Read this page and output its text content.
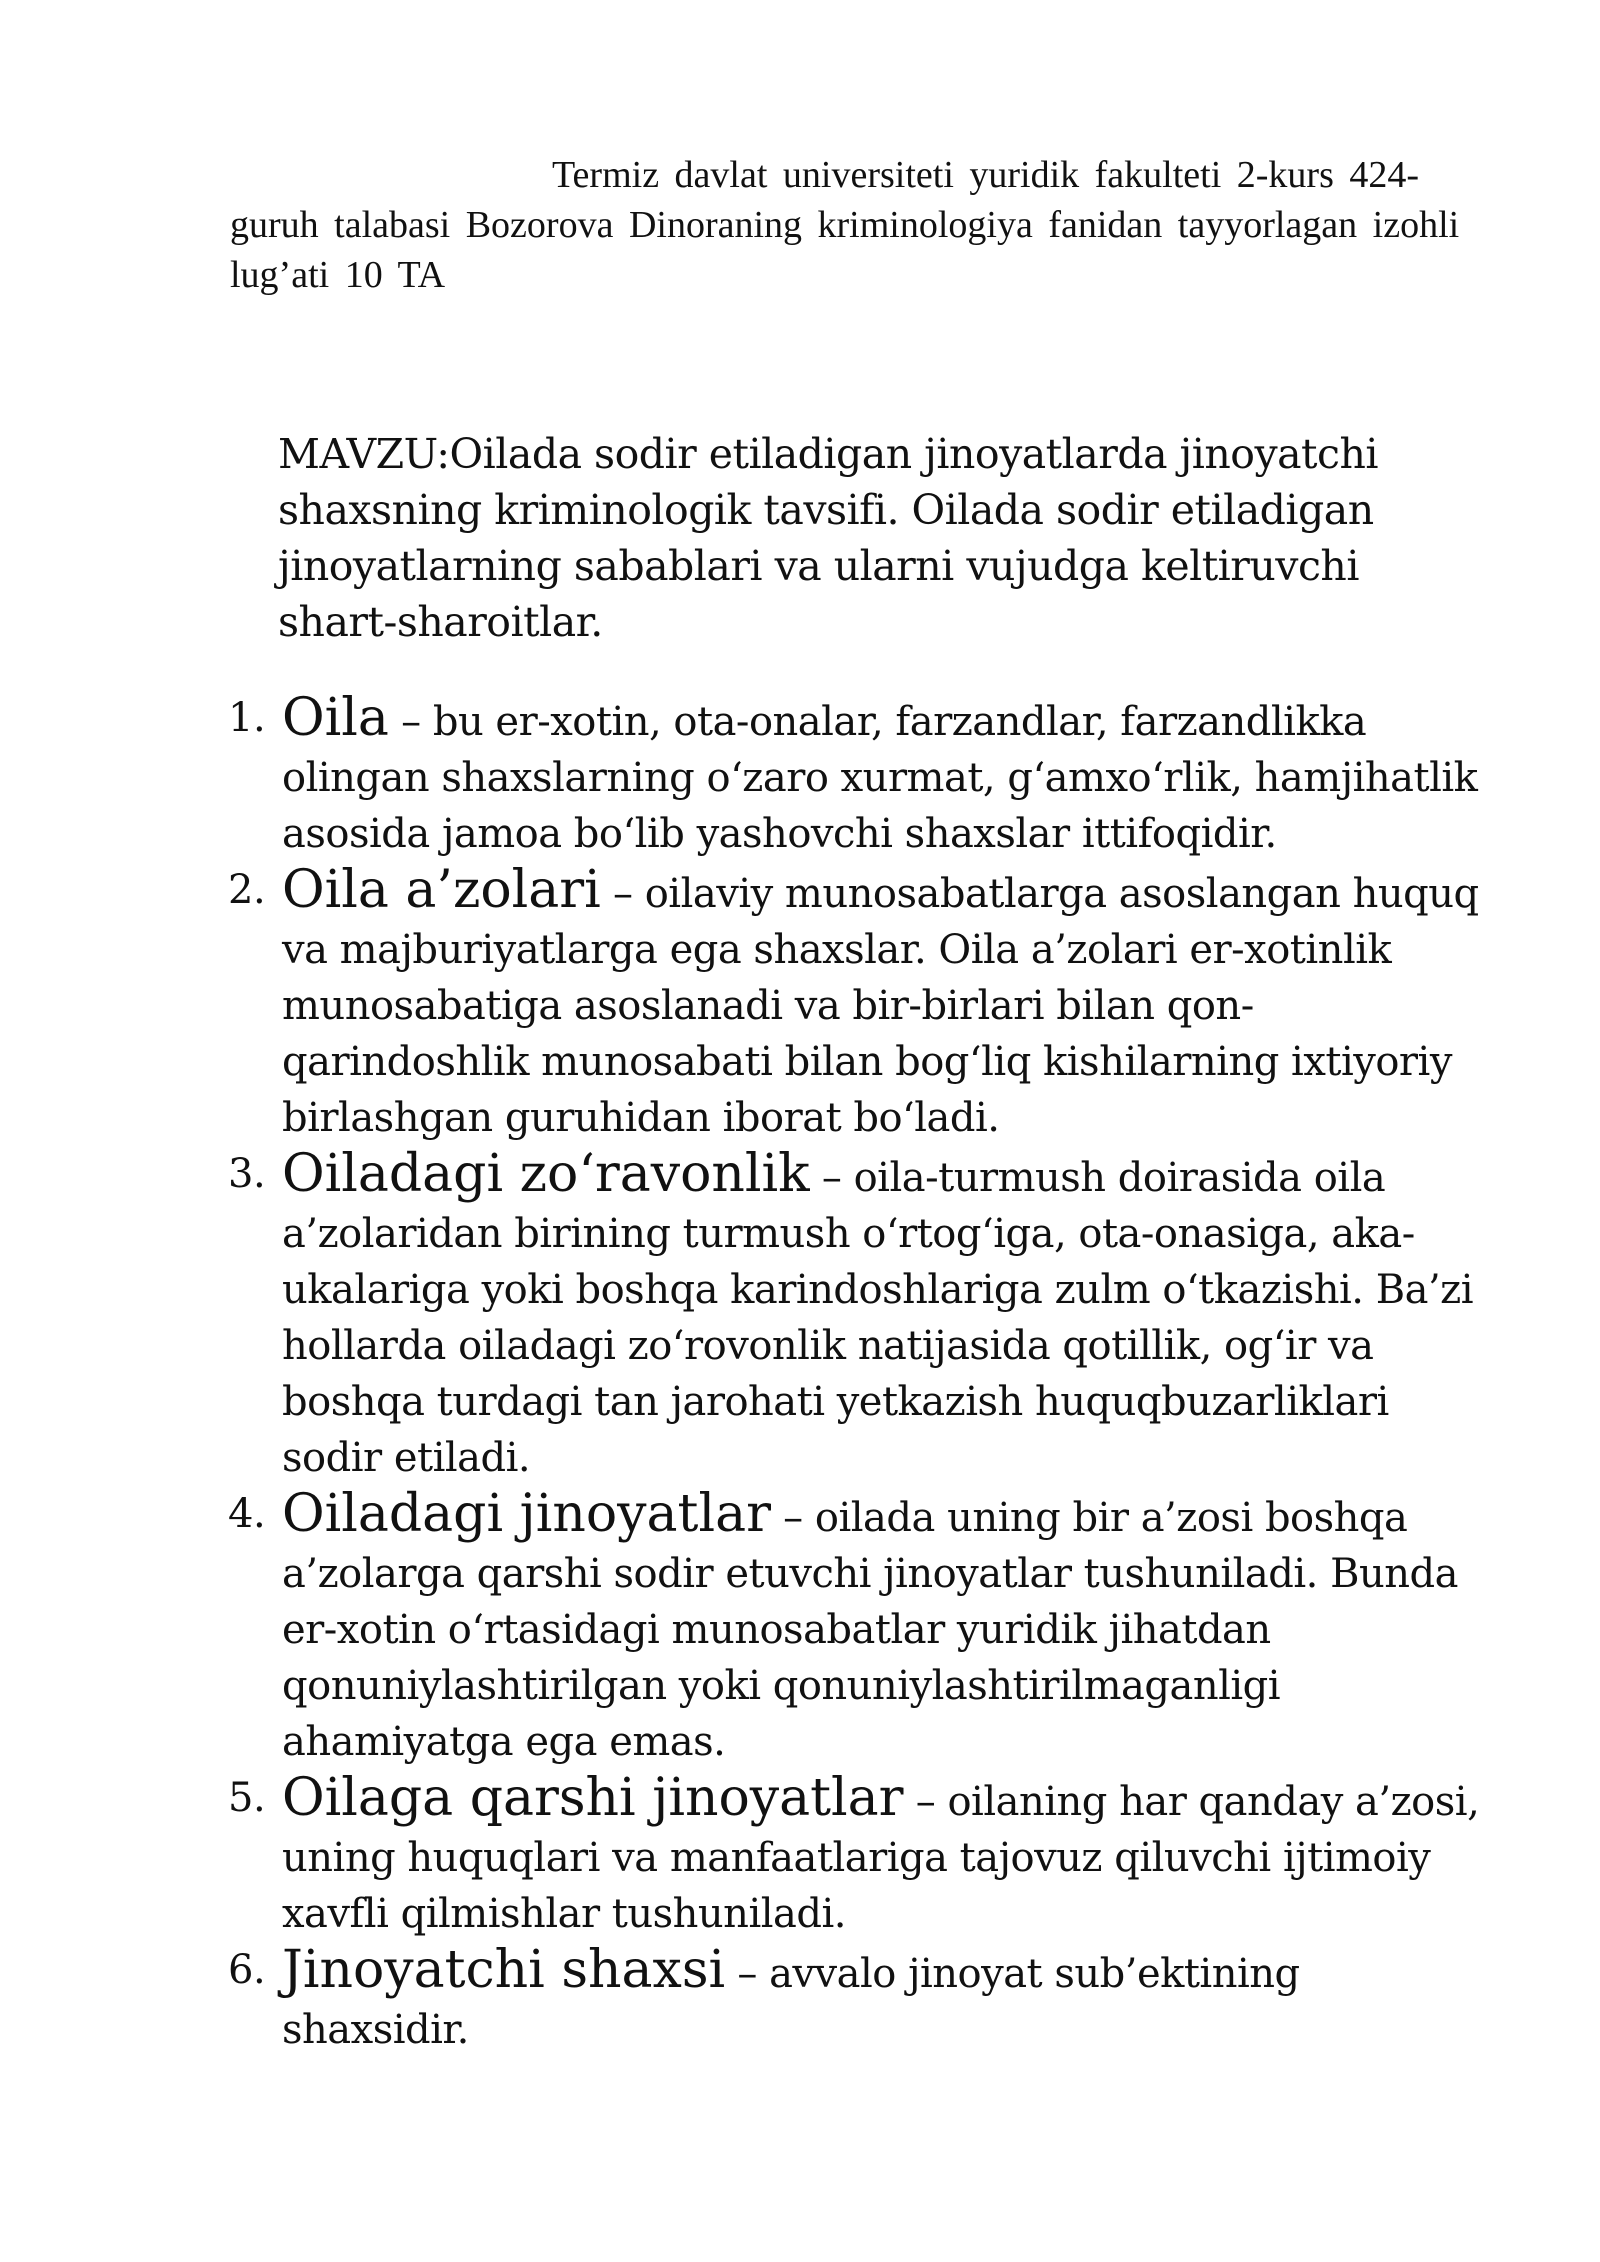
Termiz davlat universiteti yuridik fakulteti 2-kurs 424-guruh talabasi Bozorova Dinoraning kriminologiya fanidan tayyorlagan izohli lug’ati 10 TA

MAVZU:Oilada sodir etiladigan jinoyatlarda jinoyatchi shaxsning kriminologik tavsifi. Oilada sodir etiladigan jinoyatlarning sabablari va ularni vujudga keltiruvchi shart-sharoitlar.

1. Oila – bu er-xotin, ota-onalar, farzandlar, farzandlikka olingan shaxslarning o‘zaro xurmat, g‘amxo‘rlik, hamjihatlik asosida jamoa bo‘lib yashovchi shaxslar ittifoqidir.
2. Oila a’zolari – oilaviy munosabatlarga asoslangan huquq va majburiyatlarga ega shaxslar. Oila a’zolari er-xotinlik munosabatiga asoslanadi va bir-birlari bilan qon-qarindoshlik munosabati bilan bog‘liq kishilarning ixtiyoriy birlashgan guruhidan iborat bo‘ladi.
3. Oiladagi zo‘ravonlik – oila-turmush doirasida oila a’zolaridan birining turmush o‘rtog‘iga, ota-onasiga, aka-ukalariga yoki boshqa karindoshlariga zulm o‘tkazishi. Ba’zi hollarda oiladagi zo‘rovonlik natijasida qotillik, og‘ir va boshqa turdagi tan jarohati yetkazish huquqbuzarliklari sodir etiladi.
4. Oiladagi jinoyatlar – oilada uning bir a’zosi boshqa a’zolarga qarshi sodir etuvchi jinoyatlar tushuniladi. Bunda er-xotin o‘rtasidagi munosabatlar yuridik jihatdan qonuniylashtirilgan yoki qonuniylashtirilmaganligi ahamiyatga ega emas.
5. Oilaga qarshi jinoyatlar – oilaning har qanday a’zosi, uning huquqlari va manfaatlariga tajovuz qiluvchi ijtimoiy xavfli qilmishlar tushuniladi.
6. Jinoyatchi shaxsi – avvalo jinoyat sub’ektining shaxsidir.
